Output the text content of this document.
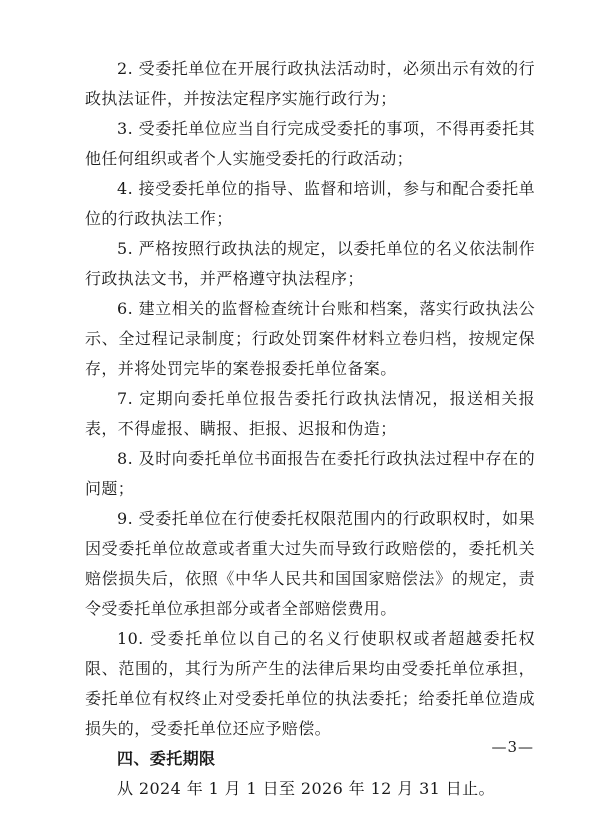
2. 受委托单位在开展行政执法活动时，必须出示有效的行政执法证件，并按法定程序实施行政行为；

3. 受委托单位应当自行完成受委托的事项，不得再委托其他任何组织或者个人实施受委托的行政活动；

4. 接受委托单位的指导、监督和培训，参与和配合委托单位的行政执法工作；

5. 严格按照行政执法的规定，以委托单位的名义依法制作行政执法文书，并严格遵守执法程序；

6. 建立相关的监督检查统计台账和档案，落实行政执法公示、全过程记录制度；行政处罚案件材料立卷归档，按规定保存，并将处罚完毕的案卷报委托单位备案。

7. 定期向委托单位报告委托行政执法情况，报送相关报表，不得虚报、瞒报、拒报、迟报和伪造；

8. 及时向委托单位书面报告在委托行政执法过程中存在的问题；

9. 受委托单位在行使委托权限范围内的行政职权时，如果因受委托单位故意或者重大过失而导致行政赔偿的，委托机关赔偿损失后，依照《中华人民共和国国家赔偿法》的规定，责令受委托单位承担部分或者全部赔偿费用。

10. 受委托单位以自己的名义行使职权或者超越委托权限、范围的，其行为所产生的法律后果均由受委托单位承担，委托单位有权终止对受委托单位的执法委托；给委托单位造成损失的，受委托单位还应予赔偿。

四、委托期限

从 2024 年 1 月 1 日至 2026 年 12 月 31 日止。

—3—
